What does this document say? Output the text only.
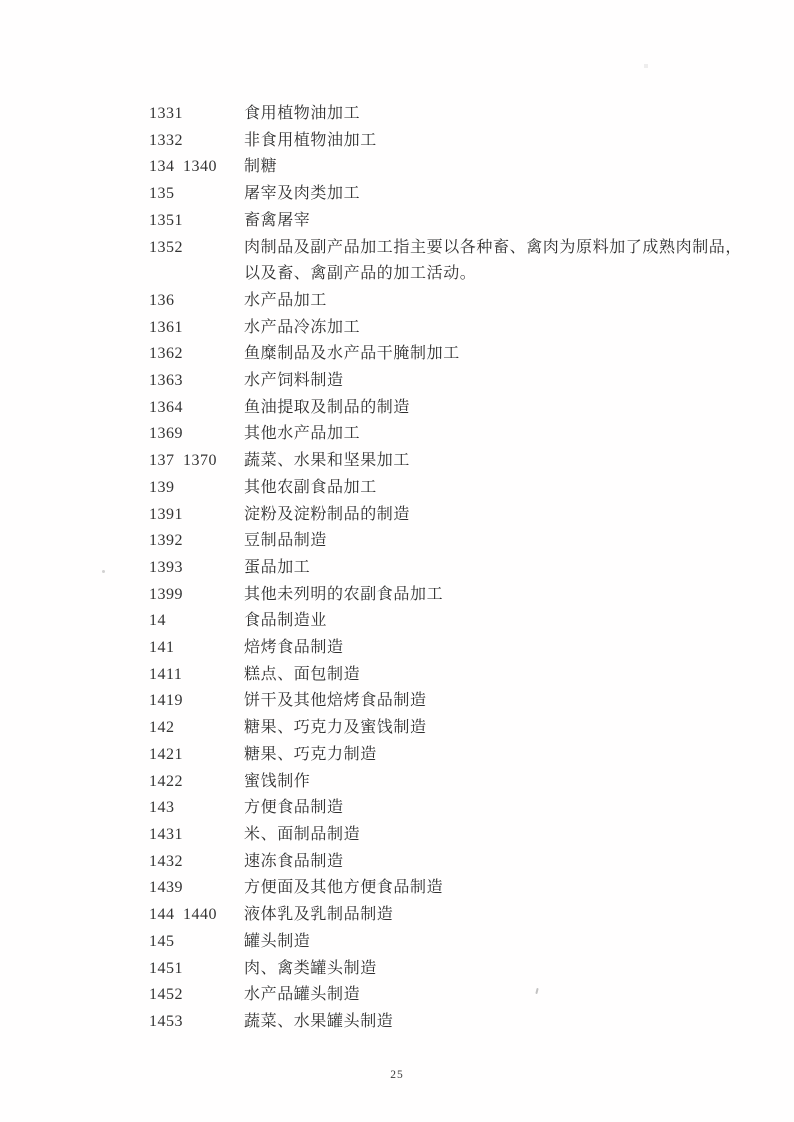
1331	食用植物油加工
1332	非食用植物油加工
134 1340 制糖
135	屠宰及肉类加工
1351	畜禽屠宰
1352	肉制品及副产品加工指主要以各种畜、禽肉为原料加了成熟肉制品，
以及畜、禽副产品的加工活动。
136	水产品加工
1361	水产品冷冻加工
1362	鱼糜制品及水产品干腌制加工
1363	水产饲料制造
1364	鱼油提取及制品的制造
1369	其他水产品加工
137 1370 蔬菜、水果和坚果加工
139	其他农副食品加工
1391	淀粉及淀粉制品的制造
1392	豆制品制造
1393	蛋品加工
1399	其他未列明的农副食品加工
14	食品制造业
141	焙烤食品制造
1411	糕点、面包制造
1419	饼干及其他焙烤食品制造
142	糖果、巧克力及蜜饯制造
1421	糖果、巧克力制造
1422	蜜饯制作
143	方便食品制造
1431	米、面制品制造
1432	速冻食品制造
1439	方便面及其他方便食品制造
144 1440 液体乳及乳制品制造
145	罐头制造
1451	肉、禽类罐头制造
1452	水产品罐头制造
1453	蔬菜、水果罐头制造
25
